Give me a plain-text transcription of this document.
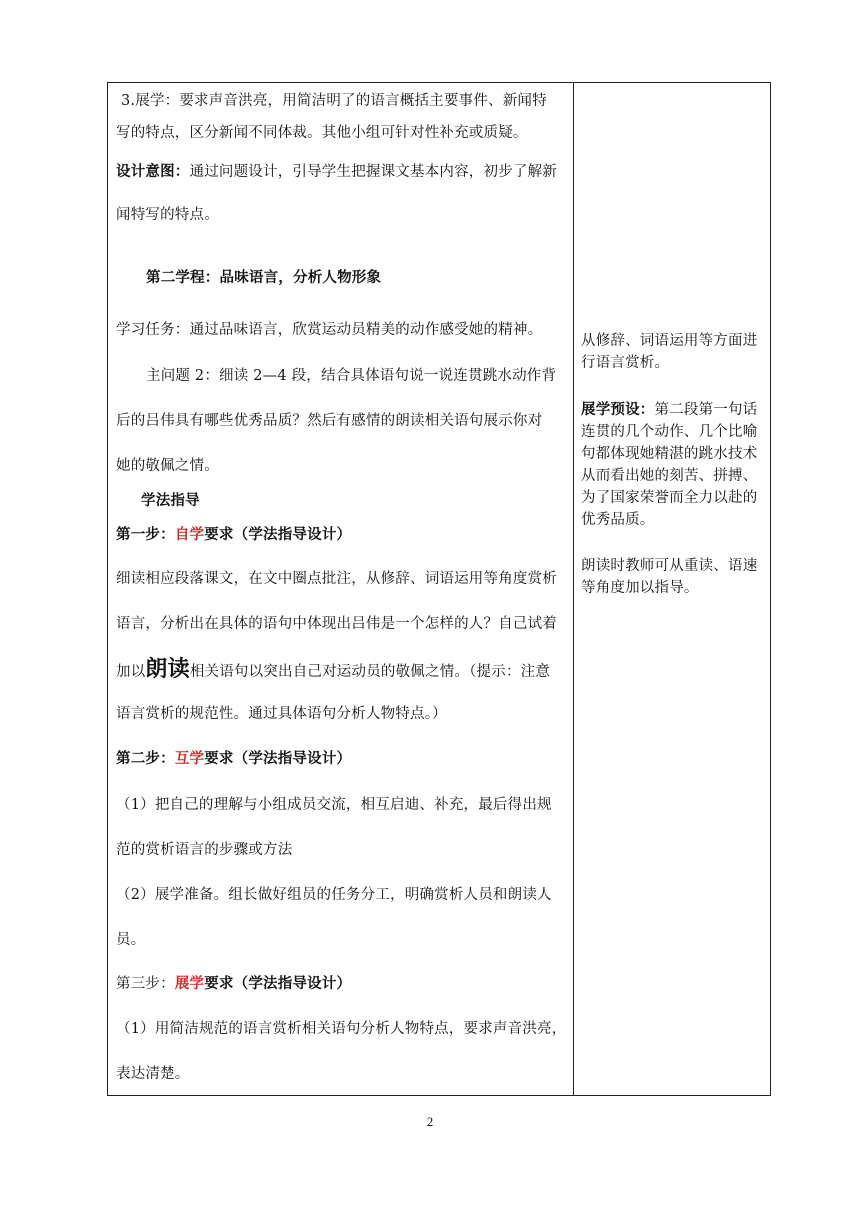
3.展学：要求声音洪亮，用简洁明了的语言概括主要事件、新闻特
写的特点，区分新闻不同体裁。其他小组可针对性补充或质疑。
设计意图：通过问题设计，引导学生把握课文基本内容，初步了解新
闻特写的特点。
第二学程：品味语言，分析人物形象
学习任务：通过品味语言，欣赏运动员精美的动作感受她的精神。
主问题 2：细读 2—4 段，结合具体语句说一说连贯跳水动作背
后的吕伟具有哪些优秀品质？然后有感情的朗读相关语句展示你对
她的敬佩之情。
学法指导
第一步：自学要求（学法指导设计）
细读相应段落课文，在文中圈点批注，从修辞、词语运用等角度赏析
语言，分析出在具体的语句中体现出吕伟是一个怎样的人？自己试着
加以朗读相关语句以突出自己对运动员的敬佩之情。（提示：注意
语言赏析的规范性。通过具体语句分析人物特点。）
第二步：互学要求（学法指导设计）
（1）把自己的理解与小组成员交流，相互启迪、补充，最后得出规
范的赏析语言的步骤或方法
（2）展学准备。组长做好组员的任务分工，明确赏析人员和朗读人
员。
第三步：展学要求（学法指导设计）
（1）用简洁规范的语言赏析相关语句分析人物特点，要求声音洪亮，
表达清楚。
从修辞、词语运用等方面进
行语言赏析。
展学预设：第二段第一句话
连贯的几个动作、几个比喻
句都体现她精湛的跳水技术
从而看出她的刻苦、拼搏、
为了国家荣誉而全力以赴的
优秀品质。
朗读时教师可从重读、语速
等角度加以指导。
2
